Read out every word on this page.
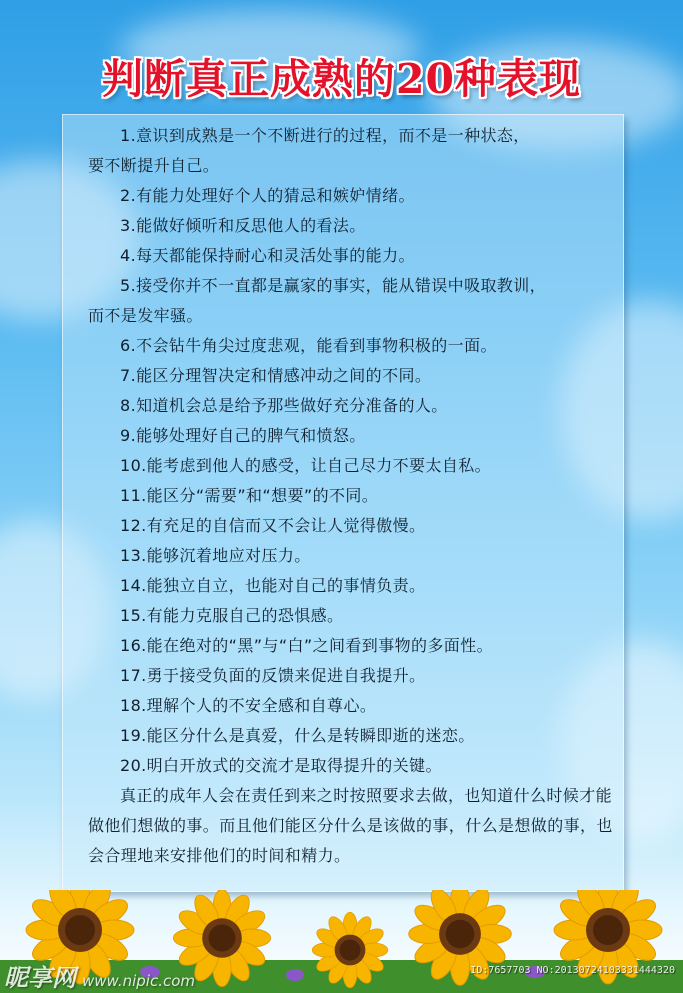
判断真正成熟的20种表现

1.意识到成熟是一个不断进行的过程，而不是一种状态，
要不断提升自己。

2.有能力处理好个人的猜忌和嫉妒情绪。

3.能做好倾听和反思他人的看法。

4.每天都能保持耐心和灵活处事的能力。

5.接受你并不一直都是赢家的事实，能从错误中吸取教训，
而不是发牢骚。

6.不会钻牛角尖过度悲观，能看到事物积极的一面。

7.能区分理智决定和情感冲动之间的不同。

8.知道机会总是给予那些做好充分准备的人。

9.能够处理好自己的脾气和愤怒。

10.能考虑到他人的感受，让自己尽力不要太自私。

11.能区分“需要”和“想要”的不同。

12.有充足的自信而又不会让人觉得傲慢。

13.能够沉着地应对压力。

14.能独立自立，也能对自己的事情负责。

15.有能力克服自己的恐惧感。

16.能在绝对的“黑”与“白”之间看到事物的多面性。

17.勇于接受负面的反馈来促进自我提升。

18.理解个人的不安全感和自尊心。

19.能区分什么是真爱，什么是转瞬即逝的迷恋。

20.明白开放式的交流才是取得提升的关键。

真正的成年人会在责任到来之时按照要求去做，也知道什么时候才能做他们想做的事。而且他们能区分什么是该做的事，什么是想做的事，也会合理地来安排他们的时间和精力。

昵享网 www.nipic.com
ID:7657703 NO:20130724103331444320
